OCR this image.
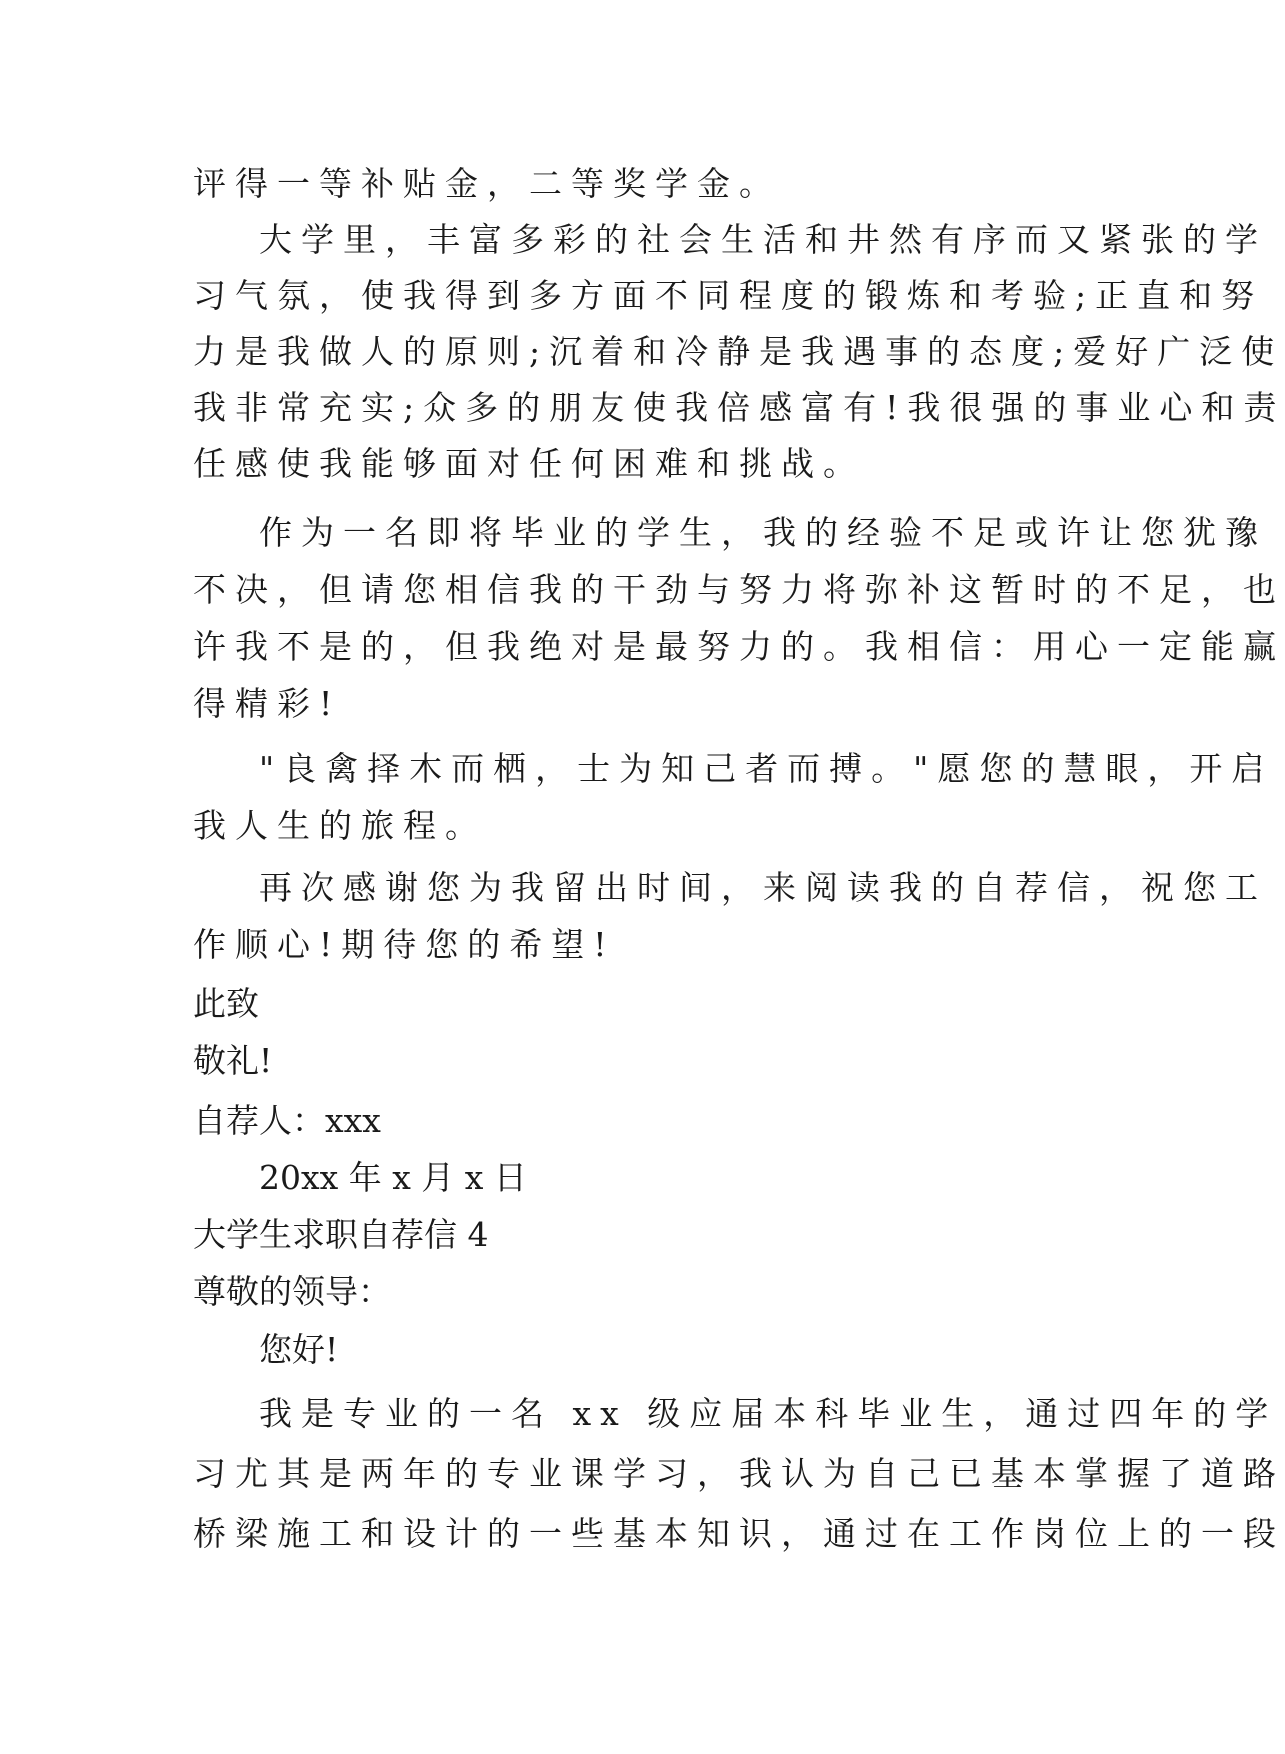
评得一等补贴金，二等奖学金。
大学里，丰富多彩的社会生活和井然有序而又紧张的学
习气氛，使我得到多方面不同程度的锻炼和考验;正直和努
力是我做人的原则;沉着和冷静是我遇事的态度;爱好广泛使
我非常充实;众多的朋友使我倍感富有!我很强的事业心和责
任感使我能够面对任何困难和挑战。
作为一名即将毕业的学生，我的经验不足或许让您犹豫
不决，但请您相信我的干劲与努力将弥补这暂时的不足，也
许我不是的，但我绝对是最努力的。我相信：用心一定能赢
得精彩!
"良禽择木而栖，士为知己者而搏。"愿您的慧眼，开启
我人生的旅程。
再次感谢您为我留出时间，来阅读我的自荐信，祝您工
作顺心!期待您的希望!
此致
敬礼!
自荐人：xxx
20xx 年 x 月 x 日
大学生求职自荐信 4
尊敬的领导：
您好!
我是专业的一名 xx 级应届本科毕业生，通过四年的学
习尤其是两年的专业课学习，我认为自己已基本掌握了道路
桥梁施工和设计的一些基本知识，通过在工作岗位上的一段
